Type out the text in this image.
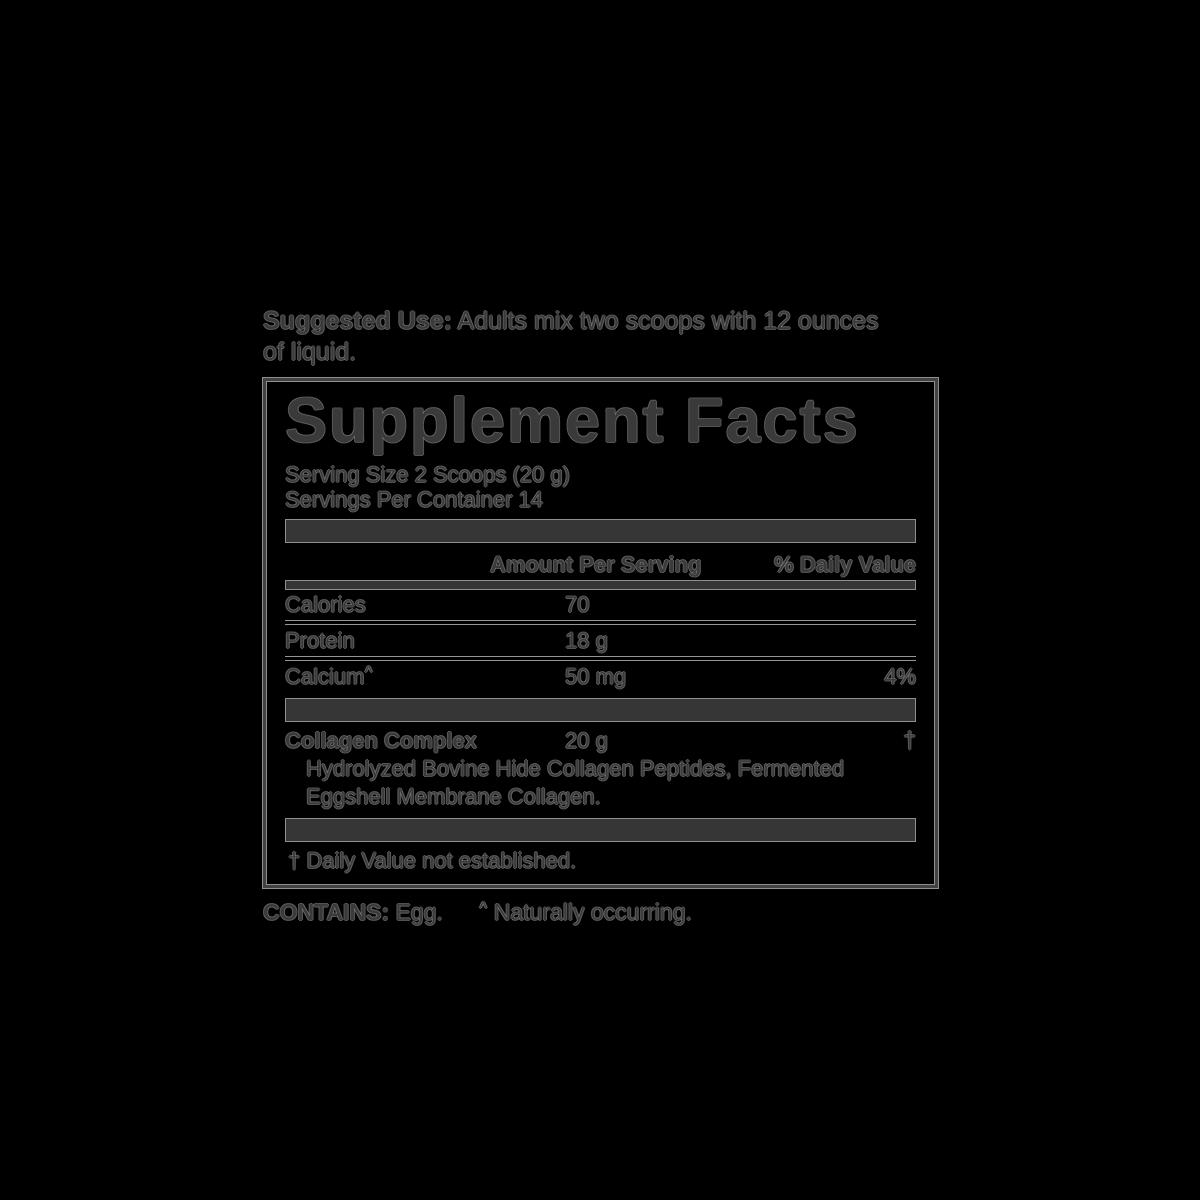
Suggested Use: Adults mix two scoops with 12 ounces of liquid.

Supplement Facts
Serving Size 2 Scoops (20 g)
Servings Per Container 14
Amount Per Serving	% Daily Value
Calories	70
Protein	18 g
Calcium^	50 mg	4%
Collagen Complex	20 g	†

Hydrolyzed Bovine Hide Collagen Peptides, Fermented Eggshell Membrane Collagen.

† Daily Value not established.

CONTAINS: Egg.	^ Naturally occurring.
